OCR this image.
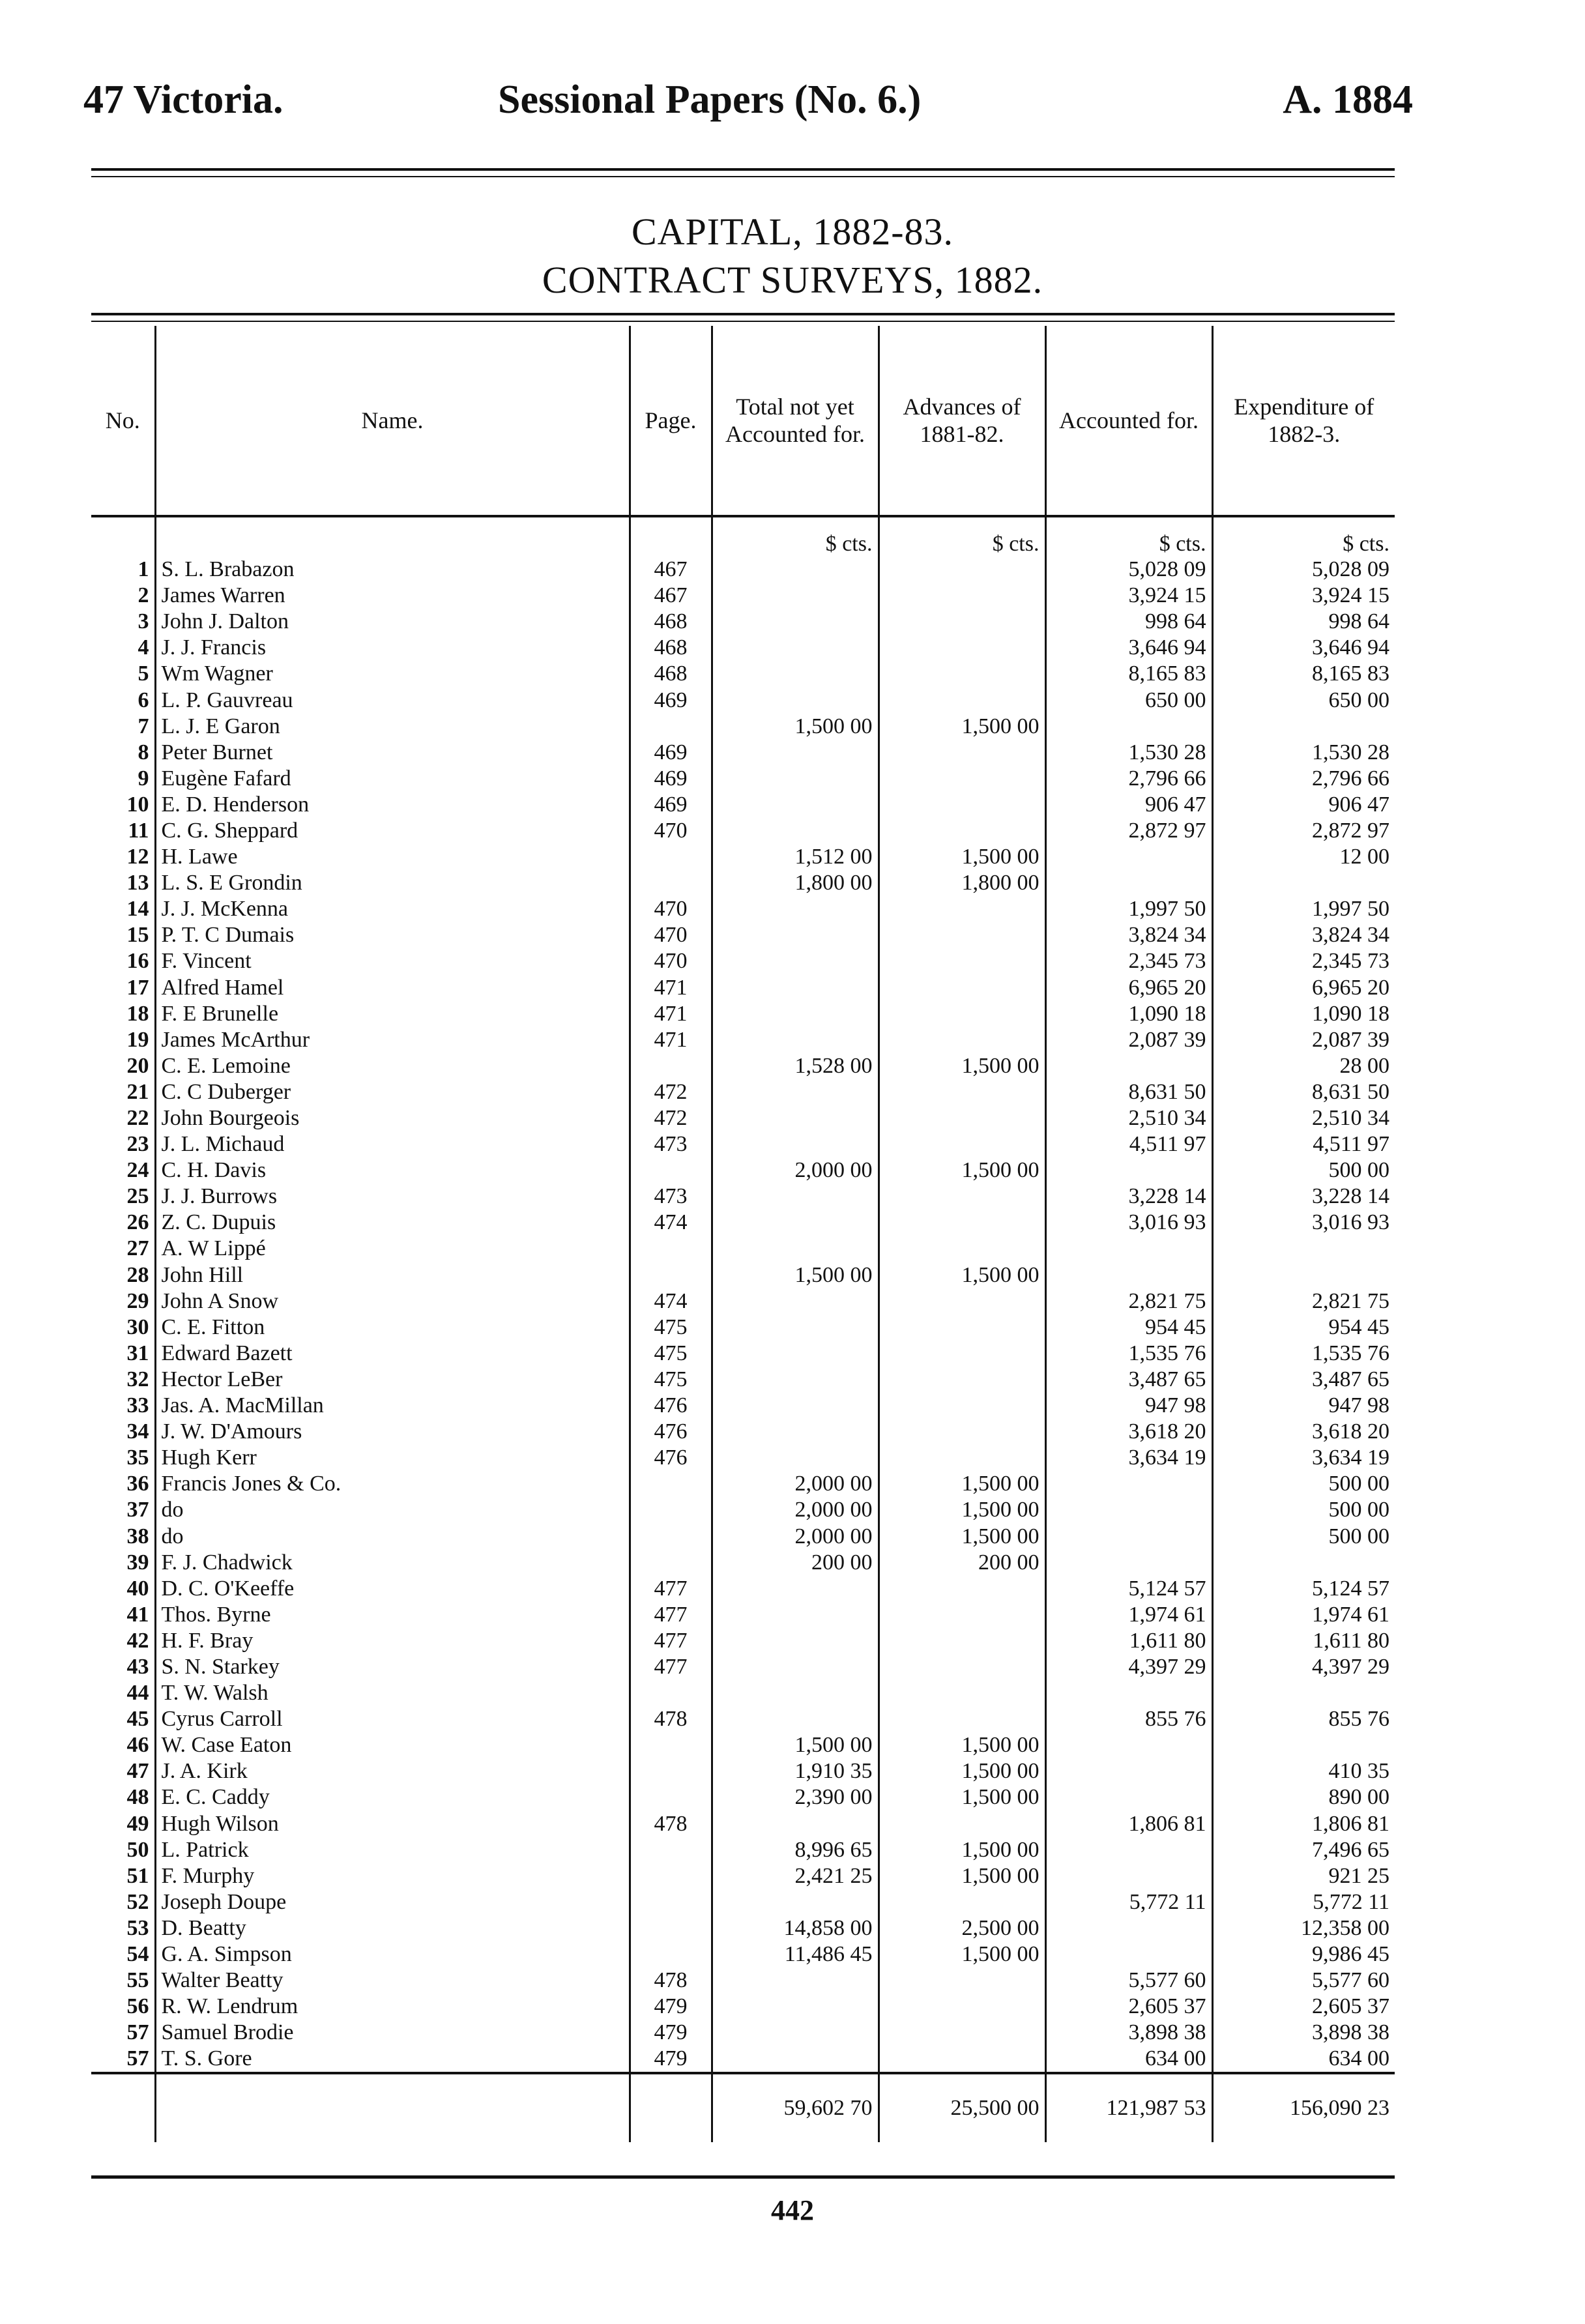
47 Victoria.	Sessional Papers (No. 6.)	A. 1884
CAPITAL, 1882-83.
CONTRACT SURVEYS, 1882.
No.	Name.	Page.	Total not yet Accounted for.	Advances of 1881-82.	Accounted for.	Expenditure of 1882-3.
			$ cts.	$ cts.	$ cts.	$ cts.
1	S. L. Brabazon	467			5,028 09	5,028 09
2	James Warren	467			3,924 15	3,924 15
3	John J. Dalton	468			998 64	998 64
4	J. J. Francis	468			3,646 94	3,646 94
5	Wm Wagner	468			8,165 83	8,165 83
6	L. P. Gauvreau	469			650 00	650 00
7	L. J. E Garon		1,500 00	1,500 00		
8	Peter Burnet	469			1,530 28	1,530 28
9	Eugène Fafard	469			2,796 66	2,796 66
10	E. D. Henderson	469			906 47	906 47
11	C. G. Sheppard	470			2,872 97	2,872 97
12	H. Lawe		1,512 00	1,500 00		12 00
13	L. S. E Grondin		1,800 00	1,800 00		
14	J. J. McKenna	470			1,997 50	1,997 50
15	P. T. C Dumais	470			3,824 34	3,824 34
16	F. Vincent	470			2,345 73	2,345 73
17	Alfred Hamel	471			6,965 20	6,965 20
18	F. E Brunelle	471			1,090 18	1,090 18
19	James McArthur	471			2,087 39	2,087 39
20	C. E. Lemoine		1,528 00	1,500 00		28 00
21	C. C Duberger	472			8,631 50	8,631 50
22	John Bourgeois	472			2,510 34	2,510 34
23	J. L. Michaud	473			4,511 97	4,511 97
24	C. H. Davis		2,000 00	1,500 00		500 00
25	J. J. Burrows	473			3,228 14	3,228 14
26	Z. C. Dupuis	474			3,016 93	3,016 93
27	A. W Lippé					
28	John Hill		1,500 00	1,500 00		
29	John A Snow	474			2,821 75	2,821 75
30	C. E. Fitton	475			954 45	954 45
31	Edward Bazett	475			1,535 76	1,535 76
32	Hector LeBer	475			3,487 65	3,487 65
33	Jas. A. MacMillan	476			947 98	947 98
34	J. W. D'Amours	476			3,618 20	3,618 20
35	Hugh Kerr	476			3,634 19	3,634 19
36	Francis Jones & Co.		2,000 00	1,500 00		500 00
37	do		2,000 00	1,500 00		500 00
38	do		2,000 00	1,500 00		500 00
39	F. J. Chadwick		200 00	200 00		
40	D. C. O'Keeffe	477			5,124 57	5,124 57
41	Thos. Byrne	477			1,974 61	1,974 61
42	H. F. Bray	477			1,611 80	1,611 80
43	S. N. Starkey	477			4,397 29	4,397 29
44	T. W. Walsh					
45	Cyrus Carroll	478			855 76	855 76
46	W. Case Eaton		1,500 00	1,500 00		
47	J. A. Kirk		1,910 35	1,500 00		410 35
48	E. C. Caddy		2,390 00	1,500 00		890 00
49	Hugh Wilson	478			1,806 81	1,806 81
50	L. Patrick		8,996 65	1,500 00		7,496 65
51	F. Murphy		2,421 25	1,500 00		921 25
52	Joseph Doupe				5,772 11	5,772 11
53	D. Beatty		14,858 00	2,500 00		12,358 00
54	G. A. Simpson		11,486 45	1,500 00		9,986 45
55	Walter Beatty	478			5,577 60	5,577 60
56	R. W. Lendrum	479			2,605 37	2,605 37
57	Samuel Brodie	479			3,898 38	3,898 38
57	T. S. Gore	479			634 00	634 00
			59,602 70	25,500 00	121,987 53	156,090 23
442
